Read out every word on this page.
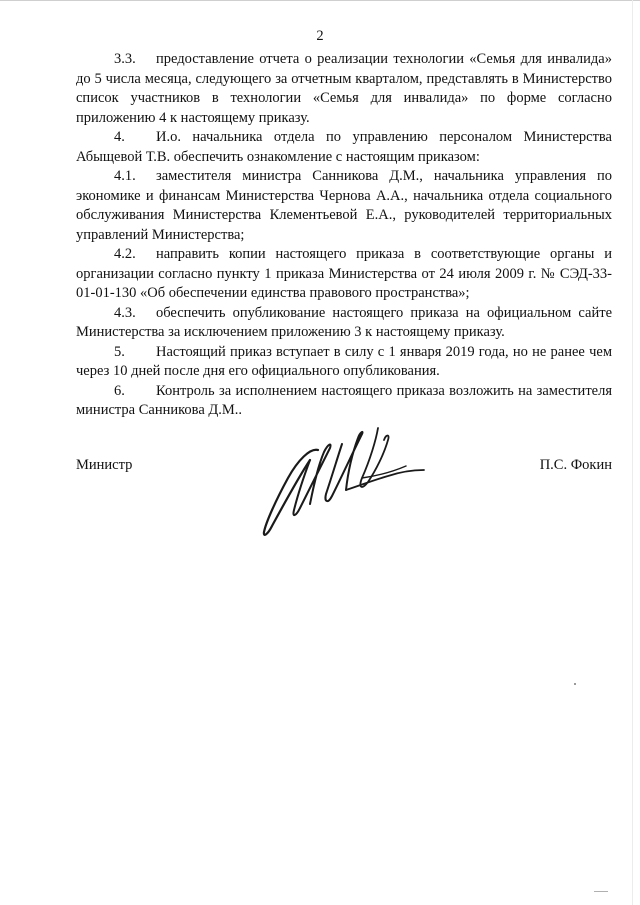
2

3.3. предоставление отчета о реализации технологии «Семья для инвалида» до 5 числа месяца, следующего за отчетным кварталом, представлять в Министерство список участников в технологии «Семья для инвалида» по форме согласно приложению 4 к настоящему приказу.

4. И.о. начальника отдела по управлению персоналом Министерства Абыщевой Т.В. обеспечить ознакомление с настоящим приказом:

4.1. заместителя министра Санникова Д.М., начальника управления по экономике и финансам Министерства Чернова А.А., начальника отдела социального обслуживания Министерства Клементьевой Е.А., руководителей территориальных управлений Министерства;

4.2. направить копии настоящего приказа в соответствующие органы и организации согласно пункту 1 приказа Министерства от 24 июля 2009 г. № СЭД-33-01-01-130 «Об обеспечении единства правового пространства»;

4.3. обеспечить опубликование настоящего приказа на официальном сайте Министерства за исключением приложению 3 к настоящему приказу.

5. Настоящий приказ вступает в силу с 1 января 2019 года, но не ранее чем через 10 дней после дня его официального опубликования.

6. Контроль за исполнением настоящего приказа возложить на заместителя министра Санникова Д.М..

Министр	П.С. Фокин
